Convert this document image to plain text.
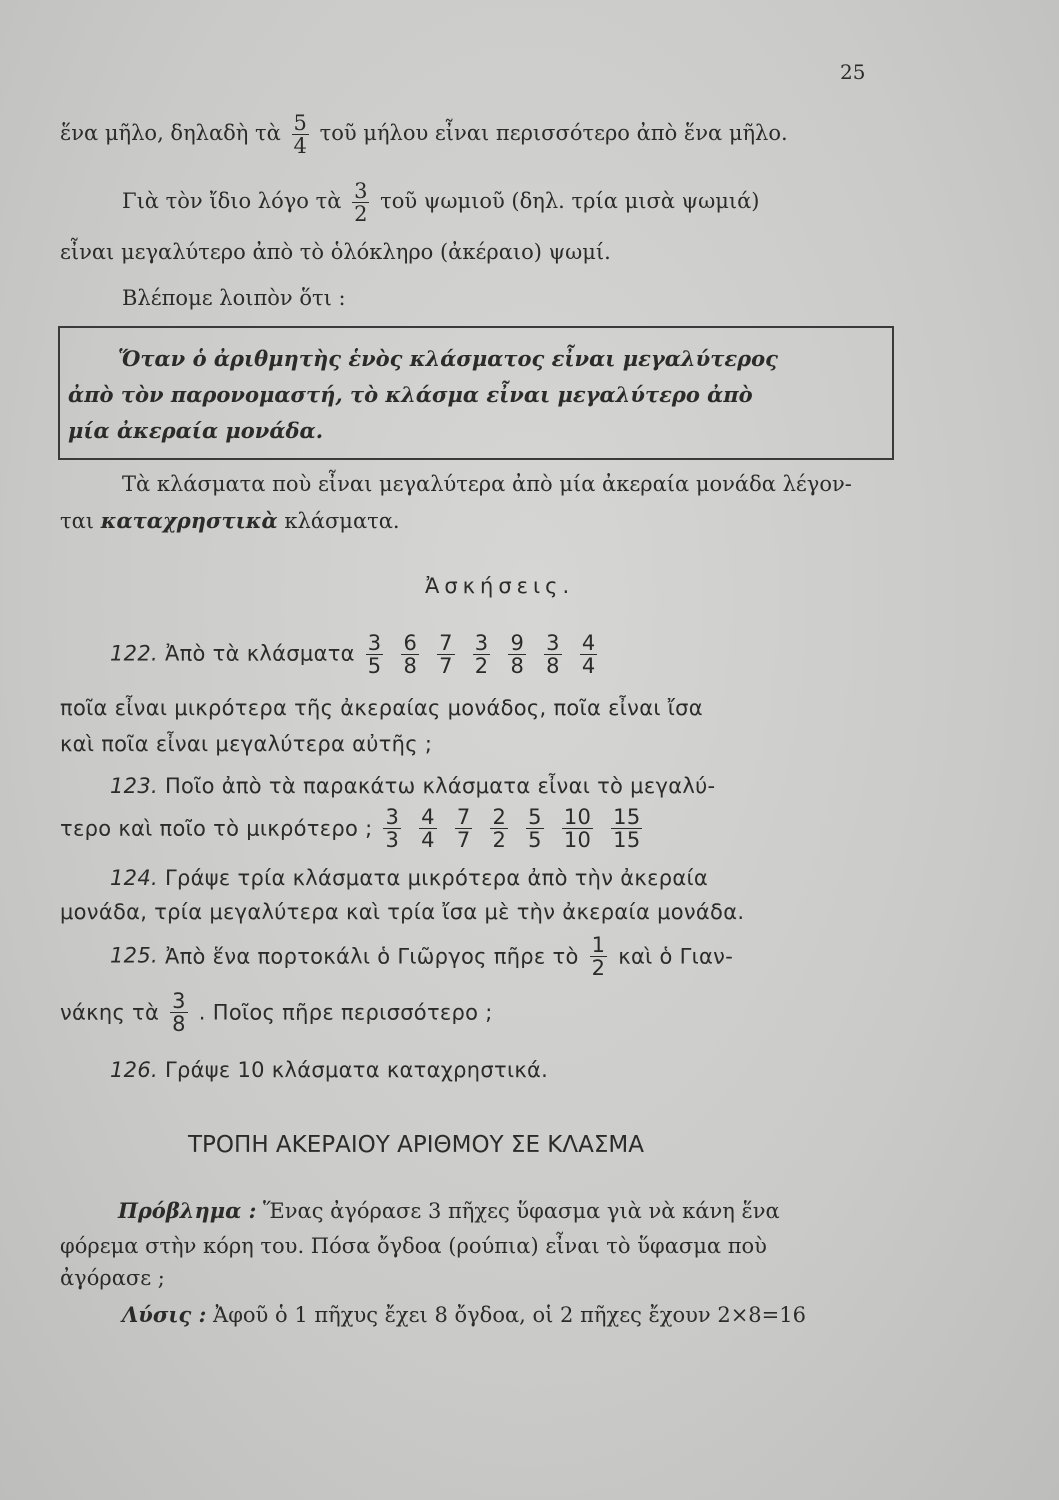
25
ἕνα μῆλο, δηλαδὴ τὰ $\frac{5}{4}$ τοῦ μήλου εἶναι περισσότερο ἀπὸ ἕνα μῆλο.
Γιὰ τὸν ἴδιο λόγο τὰ $\frac{3}{2}$ τοῦ ψωμιοῦ (δηλ. τρία μισὰ ψωμιά)
εἶναι μεγαλύτερο ἀπὸ τὸ ὁλόκληρο (ἀκέραιο) ψωμί.
Βλέπομε λοιπὸν ὅτι :
Ὅταν ὁ ἀριθμητὴς ἑνὸς κλάσματος εἶναι μεγαλύτερος
ἀπὸ τὸν παρονομαστή, τὸ κλάσμα εἶναι μεγαλύτερο ἀπὸ
μία ἀκεραία μονάδα.
Τὰ κλάσματα ποὺ εἶναι μεγαλύτερα ἀπὸ μία ἀκεραία μονάδα λέγον-
ται καταχρηστικὰ κλάσματα.
Ἀσκήσεις.
122. Ἀπὸ τὰ κλάσματα $\frac{3}{5} \frac{6}{8} \frac{7}{7} \frac{3}{2} \frac{9}{8} \frac{3}{8} \frac{4}{4}$
ποῖα εἶναι μικρότερα τῆς ἀκεραίας μονάδος, ποῖα εἶναι ἴσα
καὶ ποῖα εἶναι μεγαλύτερα αὐτῆς ;
123. Ποῖο ἀπὸ τὰ παρακάτω κλάσματα εἶναι τὸ μεγαλύ-
τερο καὶ ποῖο τὸ μικρότερο ; $\frac{3}{3} \frac{4}{4} \frac{7}{7} \frac{2}{2} \frac{5}{5} \frac{10}{10} \frac{15}{15}$
124. Γράψε τρία κλάσματα μικρότερα ἀπὸ τὴν ἀκεραία
μονάδα, τρία μεγαλύτερα καὶ τρία ἴσα μὲ τὴν ἀκεραία μονάδα.
125. Ἀπὸ ἕνα πορτοκάλι ὁ Γιῶργος πῆρε τὸ $\frac{1}{2}$ καὶ ὁ Γιαν-
νάκης τὰ $\frac{3}{8}$ . Ποῖος πῆρε περισσότερο ;
126. Γράψε 10 κλάσματα καταχρηστικά.
ΤΡΟΠΗ ΑΚΕΡΑΙΟΥ ΑΡΙΘΜΟΥ ΣΕ ΚΛΑΣΜΑ
Πρόβλημα : Ἕνας ἀγόρασε 3 πῆχες ὕφασμα γιὰ νὰ κάνη ἕνα
φόρεμα στὴν κόρη του. Πόσα ὄγδοα (ρούπια) εἶναι τὸ ὕφασμα ποὺ
ἀγόρασε ;
Λύσις : Ἀφοῦ ὁ 1 πῆχυς ἔχει 8 ὄγδοα, οἱ 2 πῆχες ἔχουν 2×8=16
